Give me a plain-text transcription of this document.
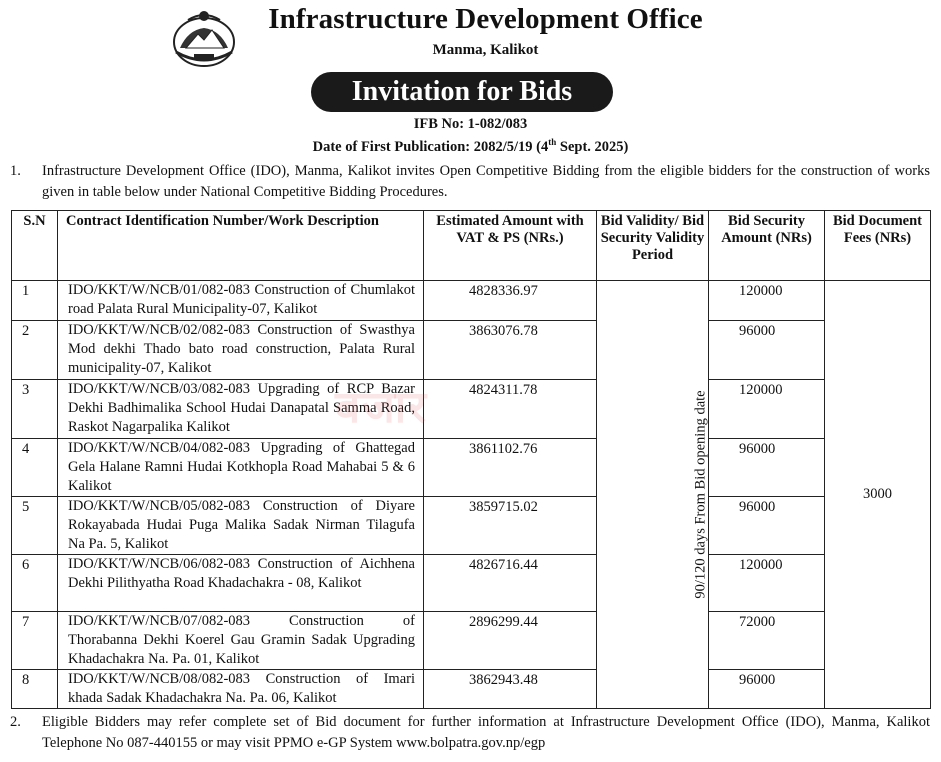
Infrastructure Development Office
Manma, Kalikot
Invitation for Bids
IFB No: 1-082/083
Date of First Publication: 2082/5/19 (4th Sept. 2025)
1. Infrastructure Development Office (IDO), Manma, Kalikot invites Open Competitive Bidding from the eligible bidders for the construction of works given in table below under National Competitive Bidding Procedures.
S.N	Contract Identification Number/Work Description	Estimated Amount with VAT & PS (NRs.)	Bid Validity/ Bid Security Validity Period	Bid Security Amount (NRs)	Bid Document Fees (NRs)
1	IDO/KKT/W/NCB/01/082-083 Construction of Chumlakot road Palata Rural Municipality-07, Kalikot	4828336.97	90/120 days From Bid opening date	120000	3000
2	IDO/KKT/W/NCB/02/082-083 Construction of Swasthya Mod dekhi Thado bato road construction, Palata Rural municipality-07, Kalikot	3863076.78		96000	
3	IDO/KKT/W/NCB/03/082-083 Upgrading of RCP Bazar Dekhi Badhimalika School Hudai Danapatal Samma Road, Raskot Nagarpalika Kalikot	4824311.78		120000	
4	IDO/KKT/W/NCB/04/082-083 Upgrading of Ghattegad Gela Halane Ramni Hudai Kotkhopla Road Mahabai 5 & 6 Kalikot	3861102.76		96000	
5	IDO/KKT/W/NCB/05/082-083 Construction of Diyare Rokayabada Hudai Puga Malika Sadak Nirman Tilagufa Na Pa. 5, Kalikot	3859715.02		96000	
6	IDO/KKT/W/NCB/06/082-083 Construction of Aichhena Dekhi Pilithyatha Road Khadachakra - 08, Kalikot	4826716.44		120000	
7	IDO/KKT/W/NCB/07/082-083 Construction of Thorabanna Dekhi Koerel Gau Gramin Sadak Upgrading Khadachakra Na. Pa. 01, Kalikot	2896299.44		72000	
8	IDO/KKT/W/NCB/08/082-083 Construction of Imari khada Sadak Khadachakra Na. Pa. 06, Kalikot	3862943.48		96000	
बजार
2. Eligible Bidders may refer complete set of Bid document for further information at Infrastructure Development Office (IDO), Manma, Kalikot Telephone No 087-440155 or may visit PPMO e-GP System www.bolpatra.gov.np/egp
